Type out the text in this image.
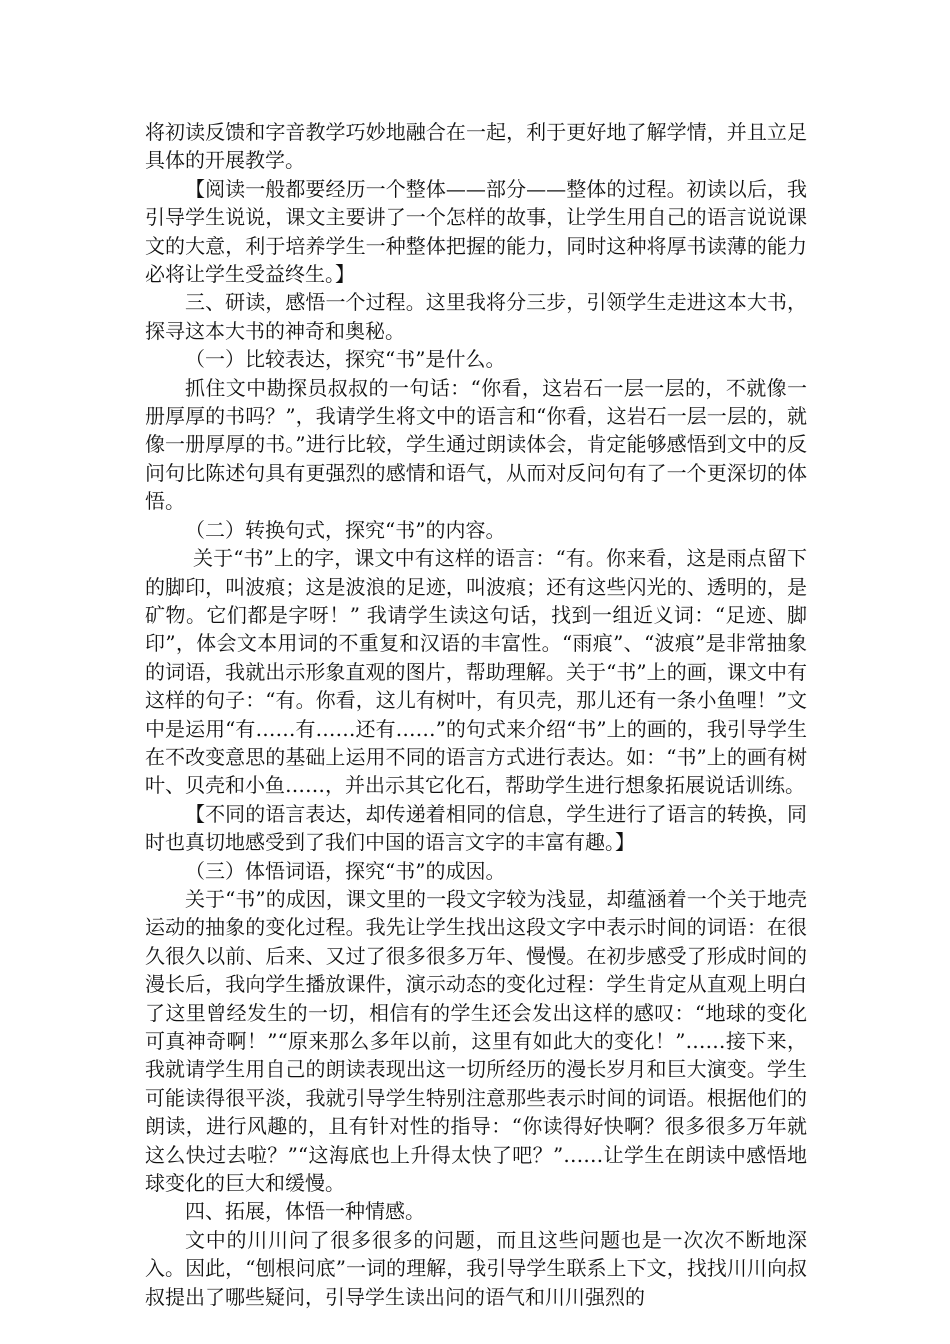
将初读反馈和字音教学巧妙地融合在一起，利于更好地了解学情，并且立足具体的开展教学。

【阅读一般都要经历一个整体——部分——整体的过程。初读以后，我引导学生说说，课文主要讲了一个怎样的故事，让学生用自己的语言说说课文的大意，利于培养学生一种整体把握的能力，同时这种将厚书读薄的能力必将让学生受益终生。】

三、研读，感悟一个过程。这里我将分三步，引领学生走进这本大书，探寻这本大书的神奇和奥秘。

（一）比较表达，探究“书”是什么。

抓住文中勘探员叔叔的一句话：“你看，这岩石一层一层的，不就像一册厚厚的书吗？”，我请学生将文中的语言和“你看，这岩石一层一层的，就像一册厚厚的书。”进行比较，学生通过朗读体会，肯定能够感悟到文中的反问句比陈述句具有更强烈的感情和语气，从而对反问句有了一个更深切的体悟。

（二）转换句式，探究“书”的内容。

关于“书”上的字，课文中有这样的语言：“有。你来看，这是雨点留下的脚印，叫波痕；这是波浪的足迹，叫波痕；还有这些闪光的、透明的，是矿物。它们都是字呀！” 我请学生读这句话，找到一组近义词：“足迹、脚印”，体会文本用词的不重复和汉语的丰富性。“雨痕”、“波痕”是非常抽象的词语，我就出示形象直观的图片，帮助理解。关于“书”上的画，课文中有这样的句子：“有。你看，这儿有树叶，有贝壳，那儿还有一条小鱼哩！”文中是运用“有……有……还有……”的句式来介绍“书”上的画的，我引导学生在不改变意思的基础上运用不同的语言方式进行表达。如：“书”上的画有树叶、贝壳和小鱼……，并出示其它化石，帮助学生进行想象拓展说话训练。

【不同的语言表达，却传递着相同的信息，学生进行了语言的转换，同时也真切地感受到了我们中国的语言文字的丰富有趣。】

（三）体悟词语，探究“书”的成因。

关于“书”的成因，课文里的一段文字较为浅显，却蕴涵着一个关于地壳运动的抽象的变化过程。我先让学生找出这段文字中表示时间的词语：在很久很久以前、后来、又过了很多很多万年、慢慢。在初步感受了形成时间的漫长后，我向学生播放课件，演示动态的变化过程：学生肯定从直观上明白了这里曾经发生的一切，相信有的学生还会发出这样的感叹：“地球的变化可真神奇啊！”“原来那么多年以前，这里有如此大的变化！”……接下来，我就请学生用自己的朗读表现出这一切所经历的漫长岁月和巨大演变。学生可能读得很平淡，我就引导学生特别注意那些表示时间的词语。根据他们的朗读，进行风趣的，且有针对性的指导：“你读得好快啊？很多很多万年就这么快过去啦？”“这海底也上升得太快了吧？”……让学生在朗读中感悟地球变化的巨大和缓慢。

四、拓展，体悟一种情感。

文中的川川问了很多很多的问题，而且这些问题也是一次次不断地深入。因此，“刨根问底”一词的理解，我引导学生联系上下文，找找川川向叔叔提出了哪些疑问，引导学生读出问的语气和川川强烈的
